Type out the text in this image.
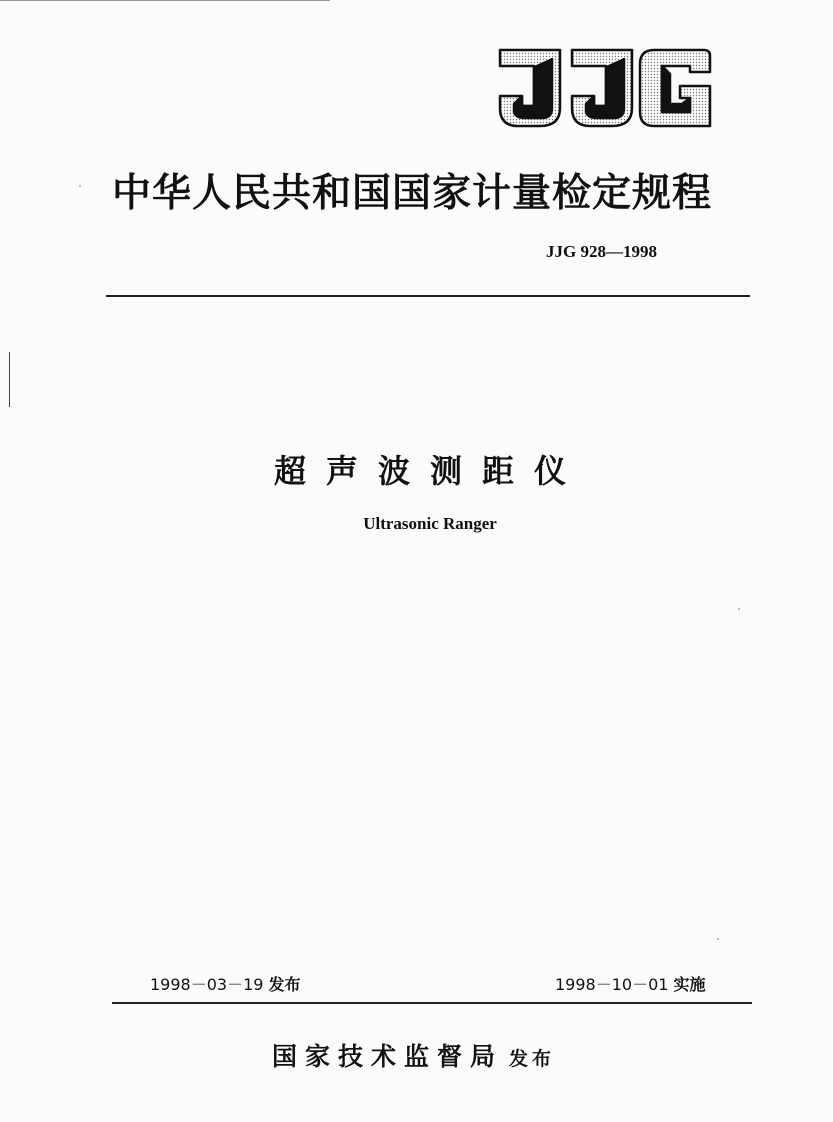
中华人民共和国国家计量检定规程
JJG 928—1998
超声波测距仪
Ultrasonic Ranger
1998－03－19 发布	1998－10－01 实施
国家技术监督局 发布
